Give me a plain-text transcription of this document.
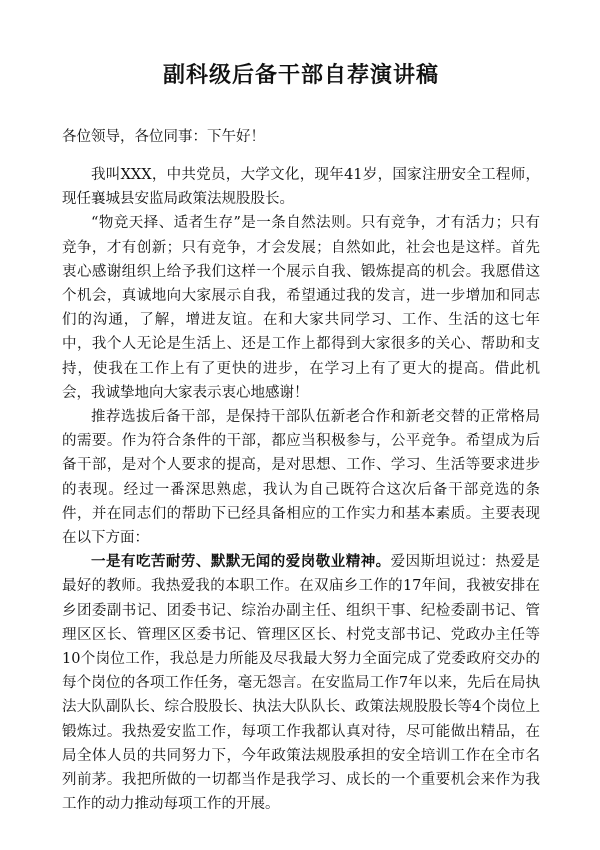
副科级后备干部自荐演讲稿

各位领导，各位同事：下午好！

我叫XXX，中共党员，大学文化，现年41岁，国家注册安全工程师，现任襄城县安监局政策法规股股长。

“物竞天择、适者生存”是一条自然法则。只有竞争，才有活力；只有竞争，才有创新；只有竞争，才会发展；自然如此，社会也是这样。首先衷心感谢组织上给予我们这样一个展示自我、锻炼提高的机会。我愿借这个机会，真诚地向大家展示自我，希望通过我的发言，进一步增加和同志们的沟通，了解，增进友谊。在和大家共同学习、工作、生活的这七年中，我个人无论是生活上、还是工作上都得到大家很多的关心、帮助和支持，使我在工作上有了更快的进步，在学习上有了更大的提高。借此机会，我诚挚地向大家表示衷心地感谢！

推荐选拔后备干部，是保持干部队伍新老合作和新老交替的正常格局的需要。作为符合条件的干部，都应当积极参与，公平竞争。希望成为后备干部，是对个人要求的提高，是对思想、工作、学习、生活等要求进步的表现。经过一番深思熟虑，我认为自己既符合这次后备干部竞选的条件，并在同志们的帮助下已经具备相应的工作实力和基本素质。主要表现在以下方面：

一是有吃苦耐劳、默默无闻的爱岗敬业精神。爱因斯坦说过：热爱是最好的教师。我热爱我的本职工作。在双庙乡工作的17年间，我被安排在乡团委副书记、团委书记、综治办副主任、组织干事、纪检委副书记、管理区区长、管理区区委书记、管理区区长、村党支部书记、党政办主任等10个岗位工作，我总是力所能及尽我最大努力全面完成了党委政府交办的每个岗位的各项工作任务，毫无怨言。在安监局工作7年以来，先后在局执法大队副队长、综合股股长、执法大队队长、政策法规股股长等4个岗位上锻炼过。我热爱安监工作，每项工作我都认真对待，尽可能做出精品，在局全体人员的共同努力下，今年政策法规股承担的安全培训工作在全市名列前茅。我把所做的一切都当作是我学习、成长的一个重要机会来作为我工作的动力推动每项工作的开展。
